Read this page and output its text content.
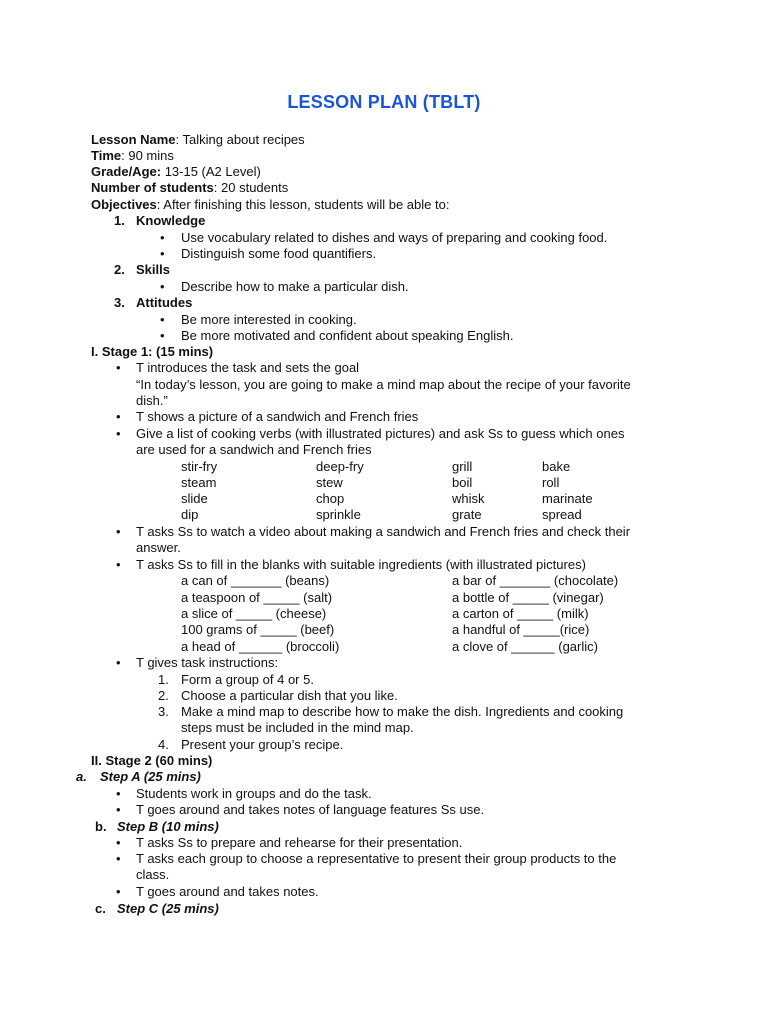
LESSON PLAN (TBLT)
Lesson Name: Talking about recipes
Time: 90 mins
Grade/Age: 13-15 (A2 Level)
Number of students: 20 students
Objectives: After finishing this lesson, students will be able to:
1. Knowledge
• Use vocabulary related to dishes and ways of preparing and cooking food.
• Distinguish some food quantifiers.
2. Skills
• Describe how to make a particular dish.
3. Attitudes
• Be more interested in cooking.
• Be more motivated and confident about speaking English.
I. Stage 1: (15 mins)
• T introduces the task and sets the goal
“In today’s lesson, you are going to make a mind map about the recipe of your favorite
dish.”
• T shows a picture of a sandwich and French fries
• Give a list of cooking verbs (with illustrated pictures) and ask Ss to guess which ones
are used for a sandwich and French fries
stir-fry	deep-fry	grill	bake
steam	stew	boil	roll
slide	chop	whisk	marinate
dip	sprinkle	grate	spread
• T asks Ss to watch a video about making a sandwich and French fries and check their
answer.
• T asks Ss to fill in the blanks with suitable ingredients (with illustrated pictures)
a can of _______ (beans)	a bar of _______ (chocolate)
a teaspoon of _____ (salt)	a bottle of _____ (vinegar)
a slice of _____ (cheese)	a carton of _____ (milk)
100 grams of _____ (beef)	a handful of _____(rice)
a head of ______ (broccoli)	a clove of ______ (garlic)
• T gives task instructions:
1. Form a group of 4 or 5.
2. Choose a particular dish that you like.
3. Make a mind map to describe how to make the dish. Ingredients and cooking
steps must be included in the mind map.
4. Present your group’s recipe.
II. Stage 2 (60 mins)
a. Step A (25 mins)
• Students work in groups and do the task.
• T goes around and takes notes of language features Ss use.
b. Step B (10 mins)
• T asks Ss to prepare and rehearse for their presentation.
• T asks each group to choose a representative to present their group products to the
class.
• T goes around and takes notes.
c. Step C (25 mins)
